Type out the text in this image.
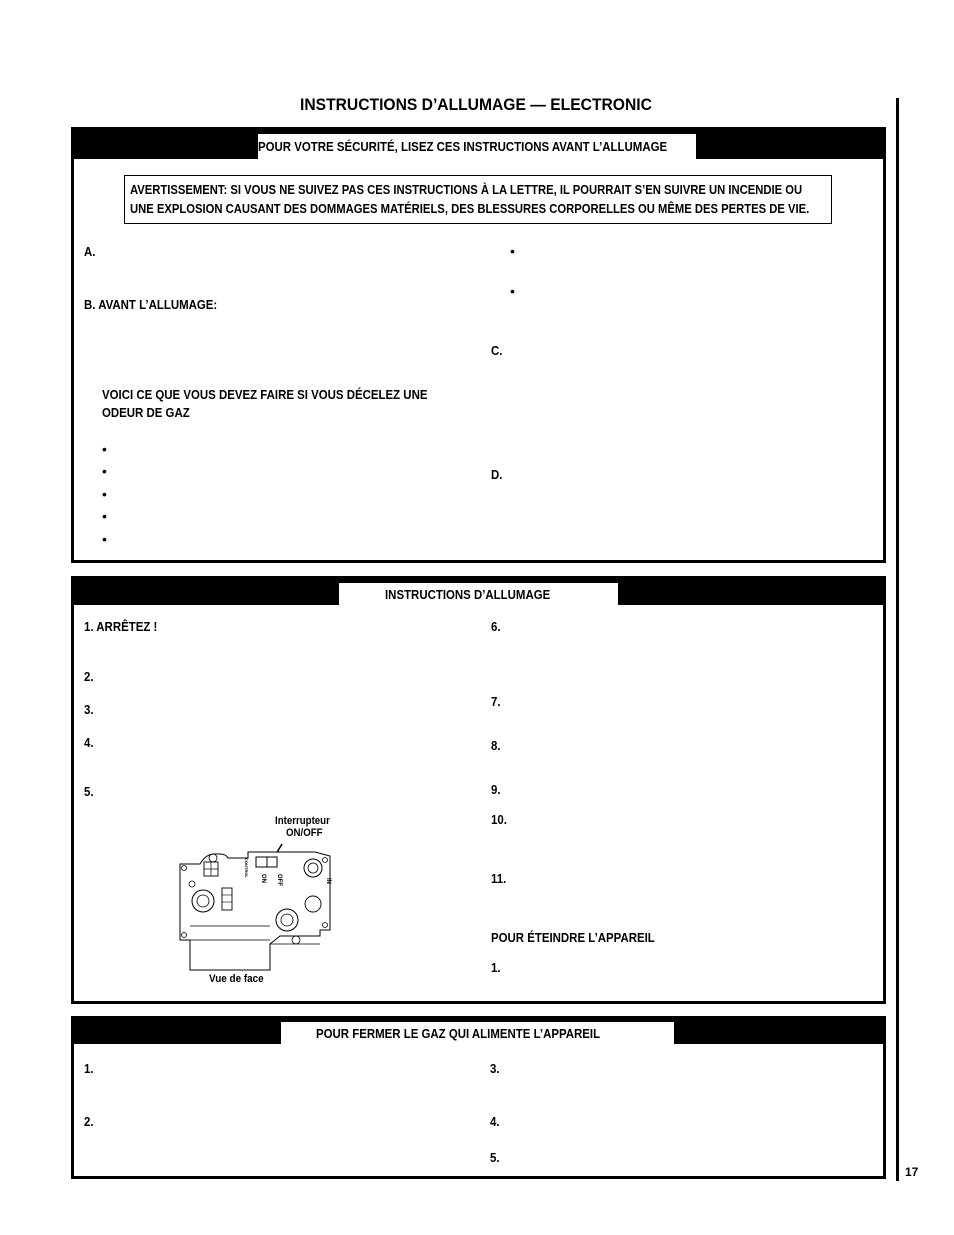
INSTRUCTIONS D’ALLUMAGE — ELECTRONIC
17
POUR VOTRE SÉCURITÉ, LISEZ CES INSTRUCTIONS AVANT L’ALLUMAGE
AVERTISSEMENT: SI VOUS NE SUIVEZ PAS CES INSTRUCTIONS À LA LETTRE, IL POURRAIT S’EN SUIVRE UN INCENDIE OU
UNE EXPLOSION CAUSANT DES DOMMAGES MATÉRIELS, DES BLESSURES CORPORELLES OU MÊME DES PERTES DE VIE.
A.
B. AVANT L’ALLUMAGE:
VOICI CE QUE VOUS DEVEZ FAIRE SI VOUS DÉCELEZ UNE
ODEUR DE GAZ
•
•
•
•
•
•
•
C.
D.
INSTRUCTIONS D’ALLUMAGE
1. ARRÊTEZ !
2.
3.
4.
5.
6.
7.
8.
9.
10.
11.
POUR ÉTEINDRE L’APPAREIL
1.
Interrupteur
ON/OFF
OFF
ON
CONTROL
IN
Vue de face
POUR FERMER LE GAZ QUI ALIMENTE L’APPAREIL
1.
2.
3.
4.
5.
